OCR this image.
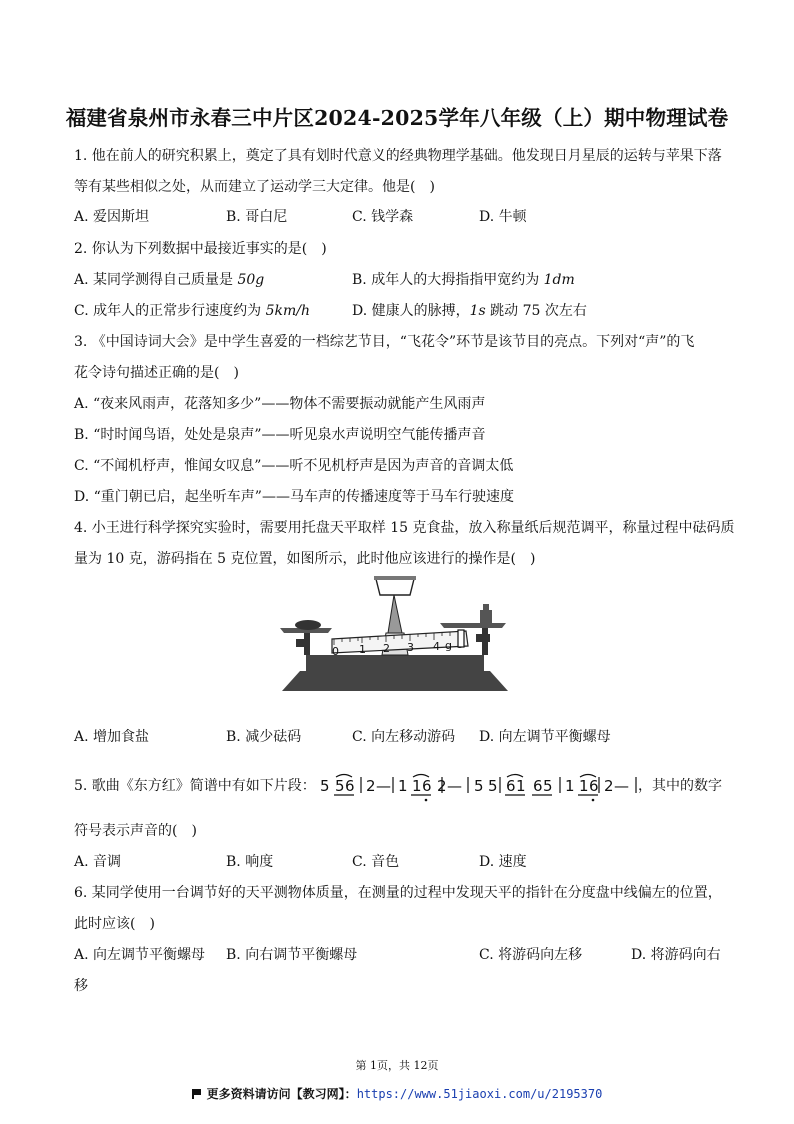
福建省泉州市永春三中片区2024-2025学年八年级（上）期中物理试卷
1. 他在前人的研究积累上，奠定了具有划时代意义的经典物理学基础。他发现日月星辰的运转与苹果下落
等有某些相似之处，从而建立了运动学三大定律。他是(　)
A. 爱因斯坦	B. 哥白尼	C. 钱学森	D. 牛顿
2. 你认为下列数据中最接近事实的是(　)
A. 某同学测得自己质量是 50g	B. 成年人的大拇指指甲宽约为 1dm
C. 成年人的正常步行速度约为 5km/h	D. 健康人的脉搏，1s 跳动 75 次左右
3. 《中国诗词大会》是中学生喜爱的一档综艺节目，“飞花令”环节是该节目的亮点。下列对“声”的飞
花令诗句描述正确的是(　)
A. “夜来风雨声，花落知多少”——物体不需要振动就能产生风雨声
B. “时时闻鸟语，处处是泉声”——听见泉水声说明空气能传播声音
C. “不闻机杼声，惟闻女叹息”——听不见机杼声是因为声音的音调太低
D. “重门朝已启，起坐听车声”——马车声的传播速度等于马车行驶速度
4. 小王进行科学探究实验时，需要用托盘天平取样 15 克食盐，放入称量纸后规范调平，称量过程中砝码质
量为 10 克，游码指在 5 克位置，如图所示，此时他应该进行的操作是(　)
0 1 2 3 4 g
A. 增加食盐	B. 减少砝码	C. 向左移动游码 D. 向左调节平衡螺母
5. 歌曲《东方红》简谱中有如下片段： 5 5 6 2 — 1 1 6 2 — 5 5 6 1 6 5 1 1 6 2 — ，其中的数字
符号表示声音的(　)
A. 音调	B. 响度	C. 音色	D. 速度
6. 某同学使用一台调节好的天平测物体质量，在测量的过程中发现天平的指针在分度盘中线偏左的位置，
此时应该(　)
A. 向左调节平衡螺母 B. 向右调节平衡螺母	C. 将游码向左移	D. 将游码向右
移
第 1页，共 12页
更多资料请访问【教习网】：https://www.51jiaoxi.com/u/2195370
